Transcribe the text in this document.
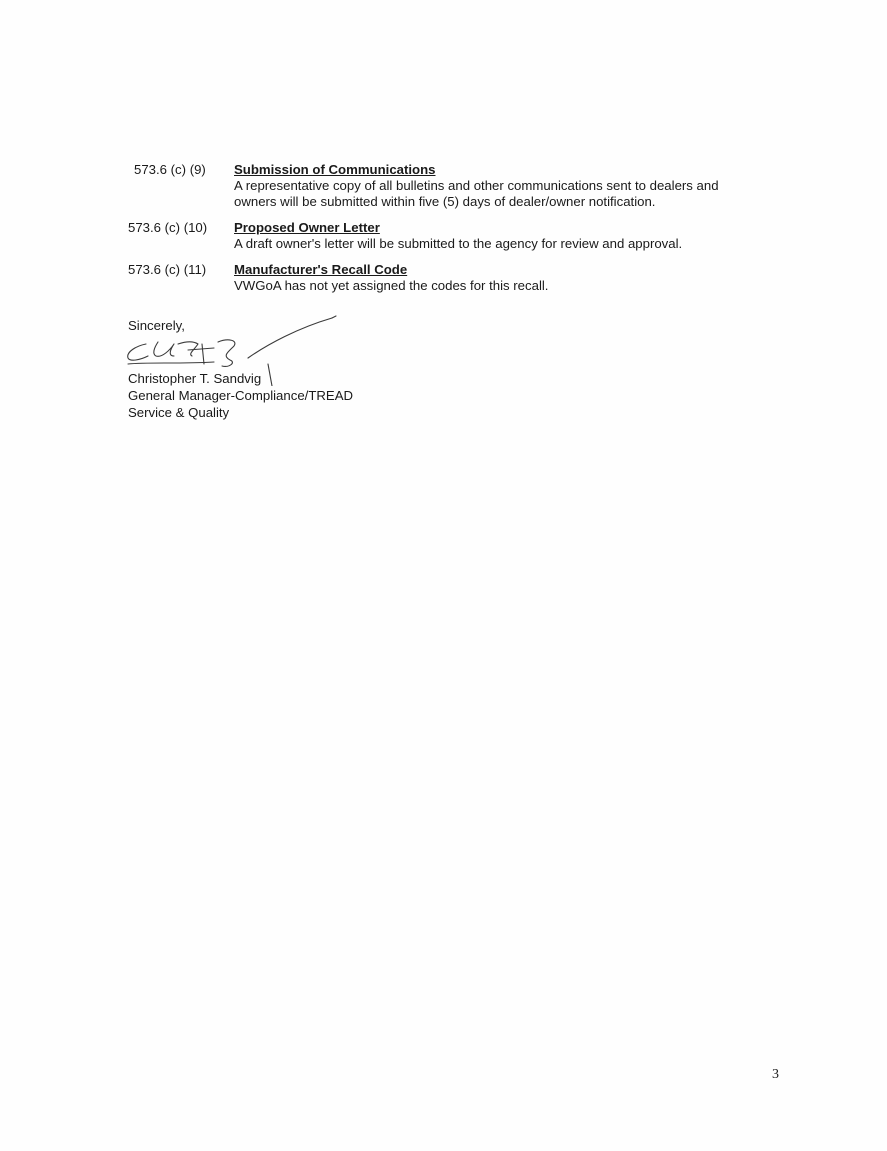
573.6 (c) (9)	Submission of Communications
A representative copy of all bulletins and other communications sent to dealers and owners will be submitted within five (5) days of dealer/owner notification.
573.6 (c) (10)	Proposed Owner Letter
A draft owner's letter will be submitted to the agency for review and approval.
573.6 (c) (11)	Manufacturer's Recall Code
VWGoA has not yet assigned the codes for this recall.
Sincerely,
Christopher T. Sandvig
General Manager-Compliance/TREAD
Service & Quality
3
